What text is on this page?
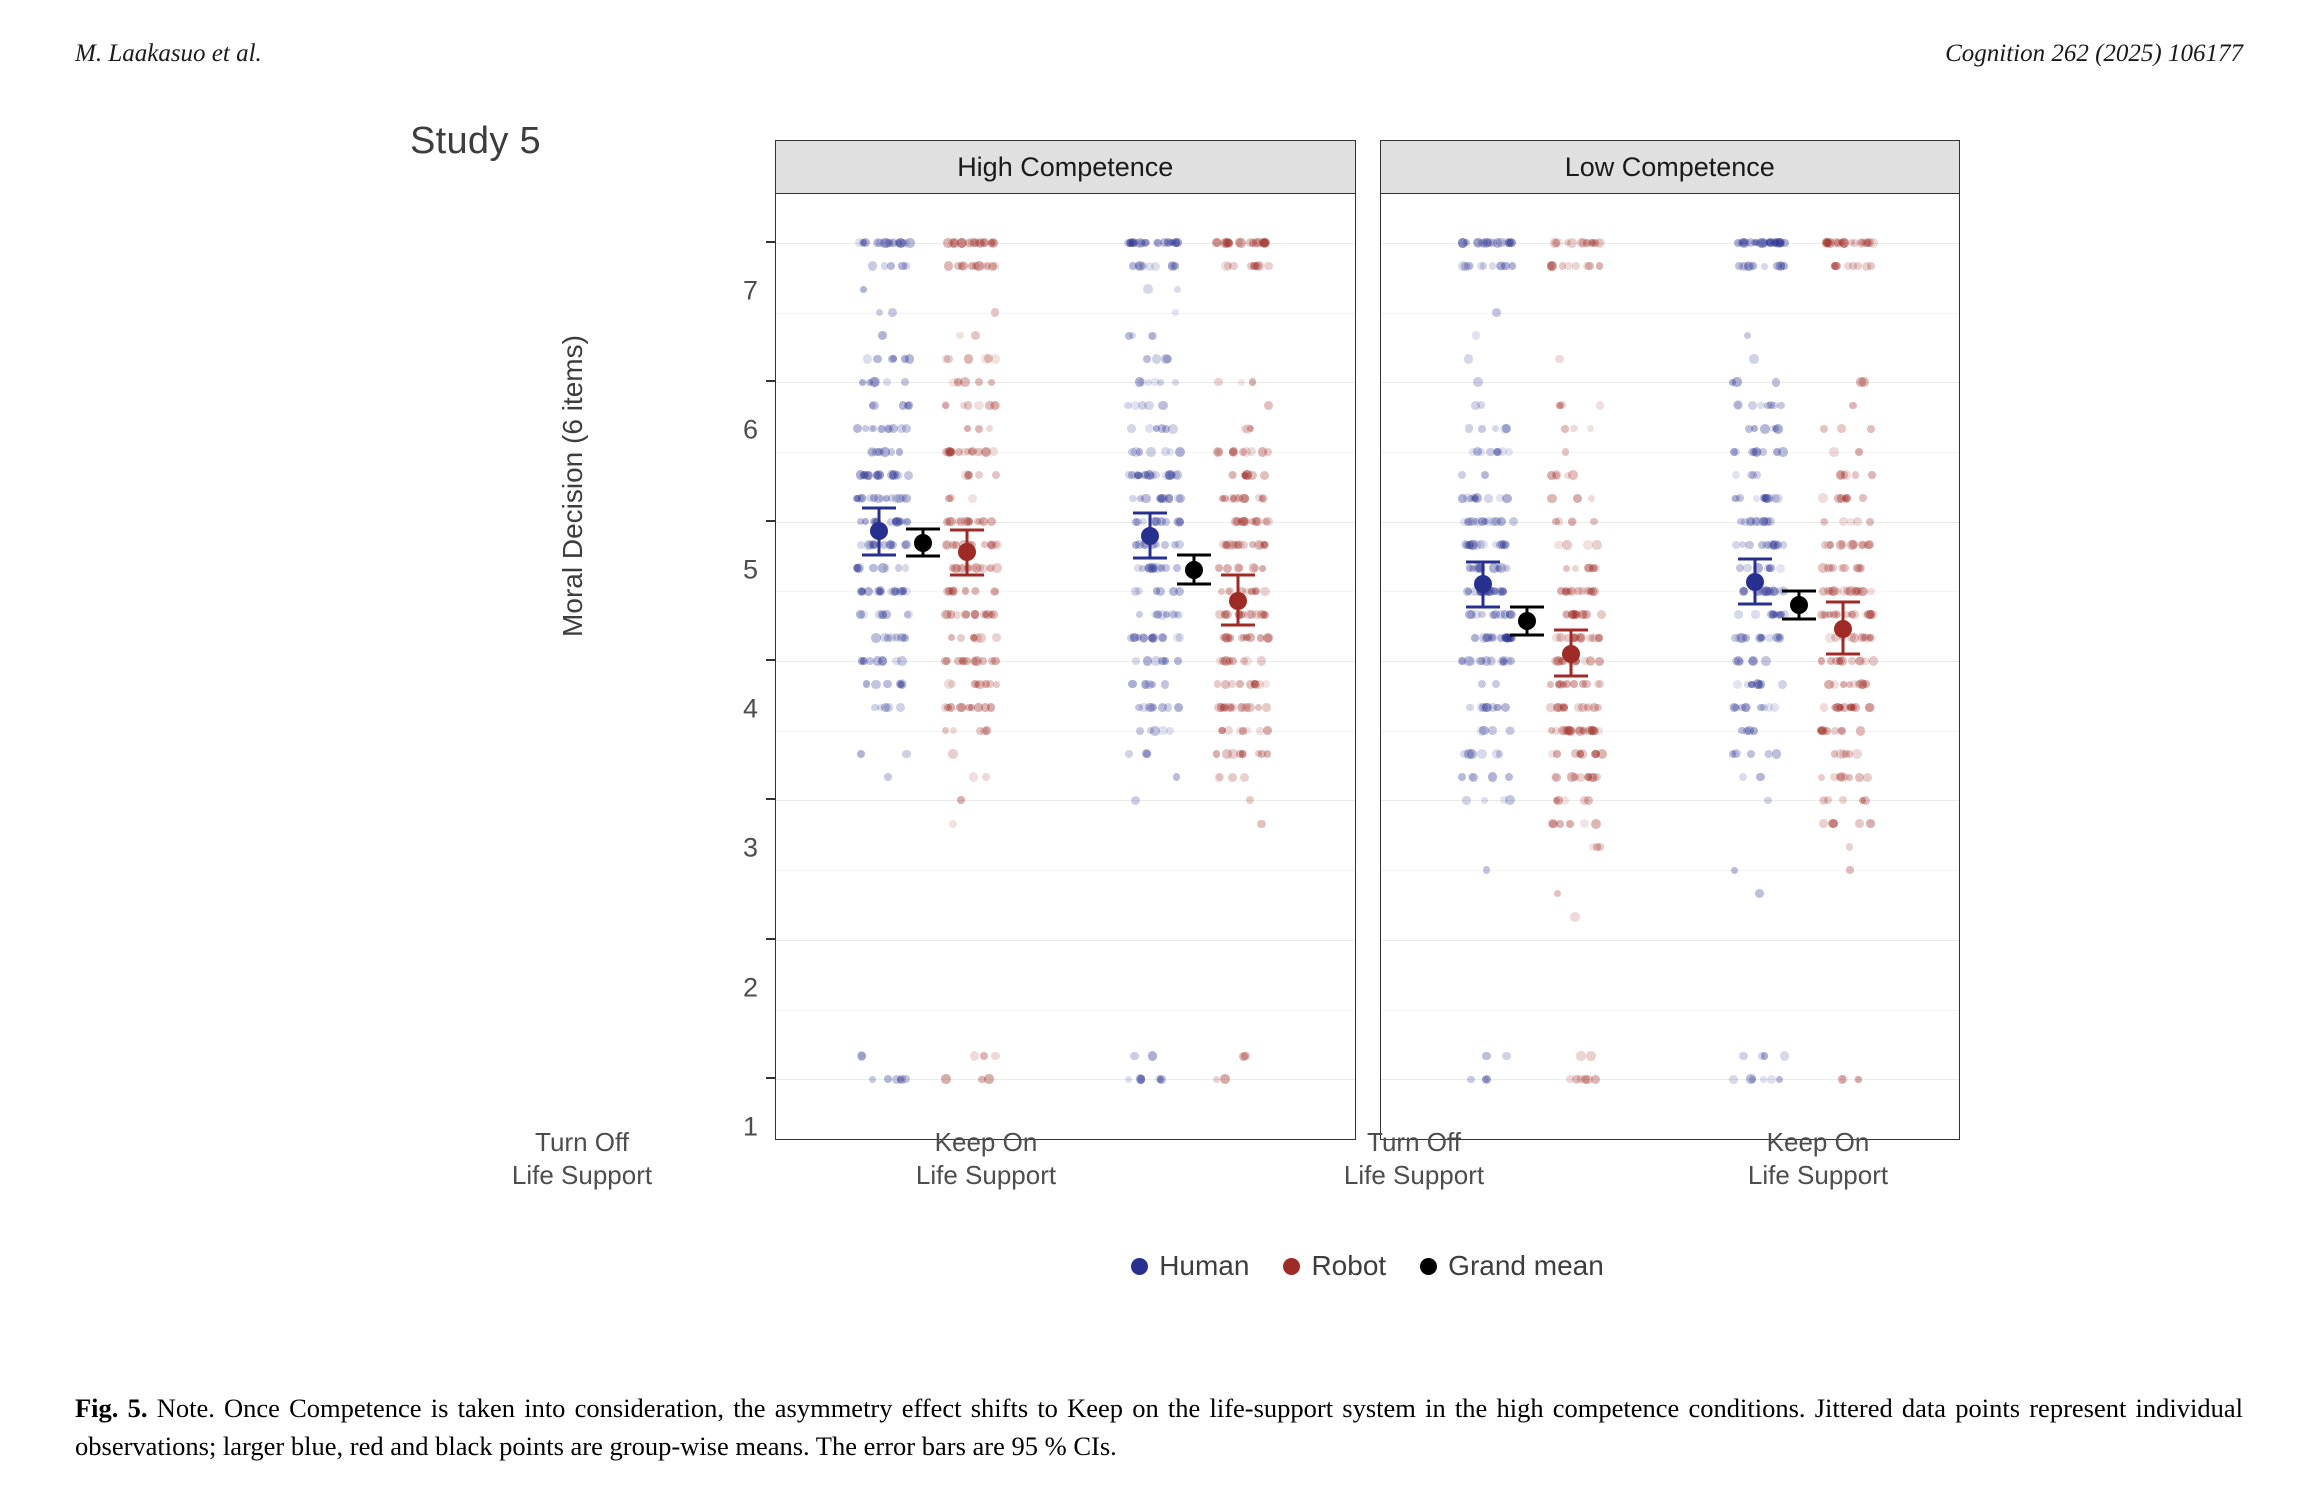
M. Laakasuo et al.	Cognition 262 (2025) 106177
Study 5
Moral Decision (6 items)
1
2
3
4
5
6
7
High Competence	Low Competence
Turn Off
Life Support
Keep On
Life Support
Turn Off
Life Support
Keep On
Life Support
Human Robot Grand mean
Fig. 5. Note. Once Competence is taken into consideration, the asymmetry effect shifts to Keep on the life-support system in the high competence conditions. Jittered data points represent individual observations; larger blue, red and black points are group-wise means. The error bars are 95 % CIs.
